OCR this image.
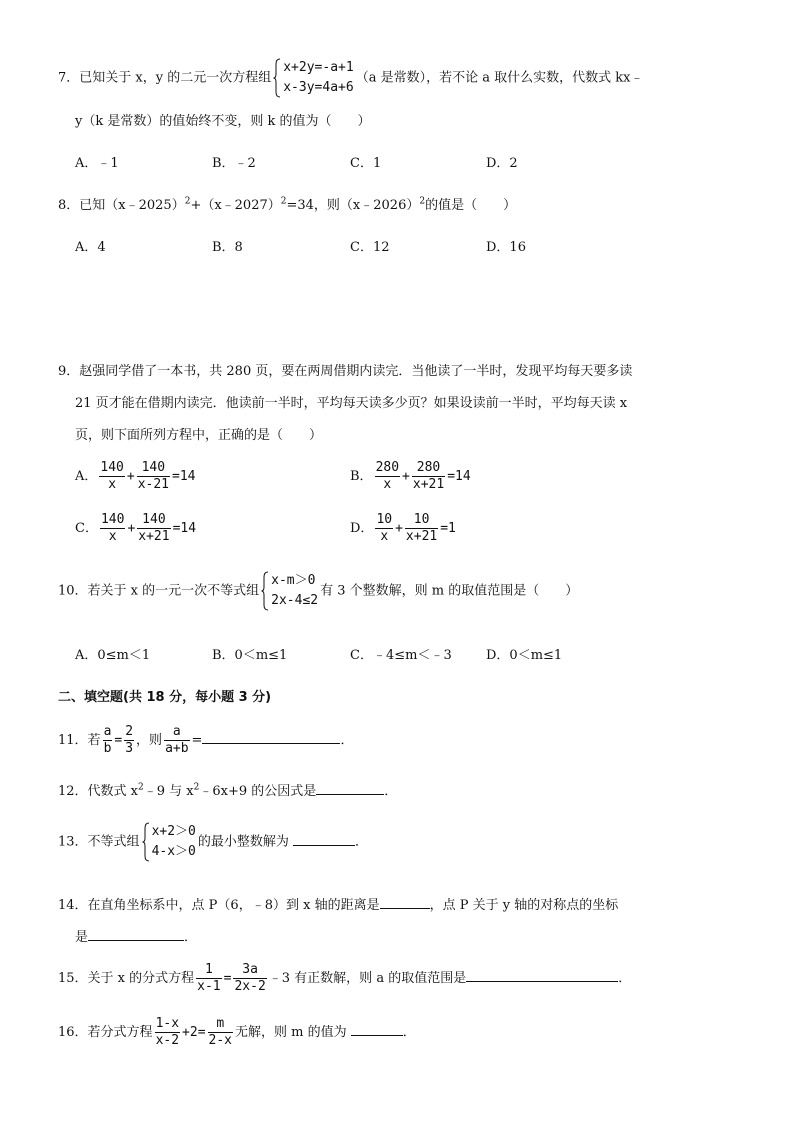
7．已知关于 x，y 的二元一次方程组
x+2y=-a+1
x-3y=4a+6
（a 是常数），若不论 a 取什么实数，代数式 kx﹣
y（k 是常数）的值始终不变，则 k 的值为（　　）
A．﹣1	B．﹣2	C．1	D．2
8．已知（x﹣2025）$^2$+（x﹣2027）$^2$=34，则（x﹣2026）$^2$的值是（　　）
A．4	B．8	C．12	D．16
9．赵强同学借了一本书，共 280 页，要在两周借期内读完．当他读了一半时，发现平均每天要多读
21 页才能在借期内读完．他读前一半时，平均每天读多少页？如果设读前一半时，平均每天读 x
页，则下面所列方程中，正确的是（　　）
A． $\frac{140}{x} + \frac{140}{x-21} =14$	B． $\frac{280}{x} + \frac{280}{x+21} =14$
C． $\frac{140}{x} + \frac{140}{x+21} =14$	D． $\frac{10}{x} + \frac{10}{x+21} =1$
10．若关于 x 的一元一次不等式组
x-m＞0
2x-4≤2
有 3 个整数解，则 m 的取值范围是（　　）
A．0≤m＜1	B．0＜m≤1	C．﹣4≤m＜﹣3	D．0＜m≤1
二、填空题(共 18 分，每小题 3 分)
11．若 $\frac{a}{b} = \frac{2}{3}$ ，则 $\frac{a}{a+b}$ =	．
12．代数式 $x^2﹣9$ 与 $x^2﹣6x+9$ 的公因式是	．
13．不等式组
x+2＞0
4-x＞0
的最小整数解为	．
14．在直角坐标系中，点 P（6，﹣8）到 x 轴的距离是	，点 P 关于 y 轴的对称点的坐标
是	．
15．关于 x 的分式方程 $\frac{1}{x-1} = \frac{3a}{2x-2}$ ﹣3 有正数解，则 a 的取值范围是	．
16．若分式方程 $\frac{1-x}{x-2} +2= \frac{m}{2-x}$ 无解，则 m 的值为	．
